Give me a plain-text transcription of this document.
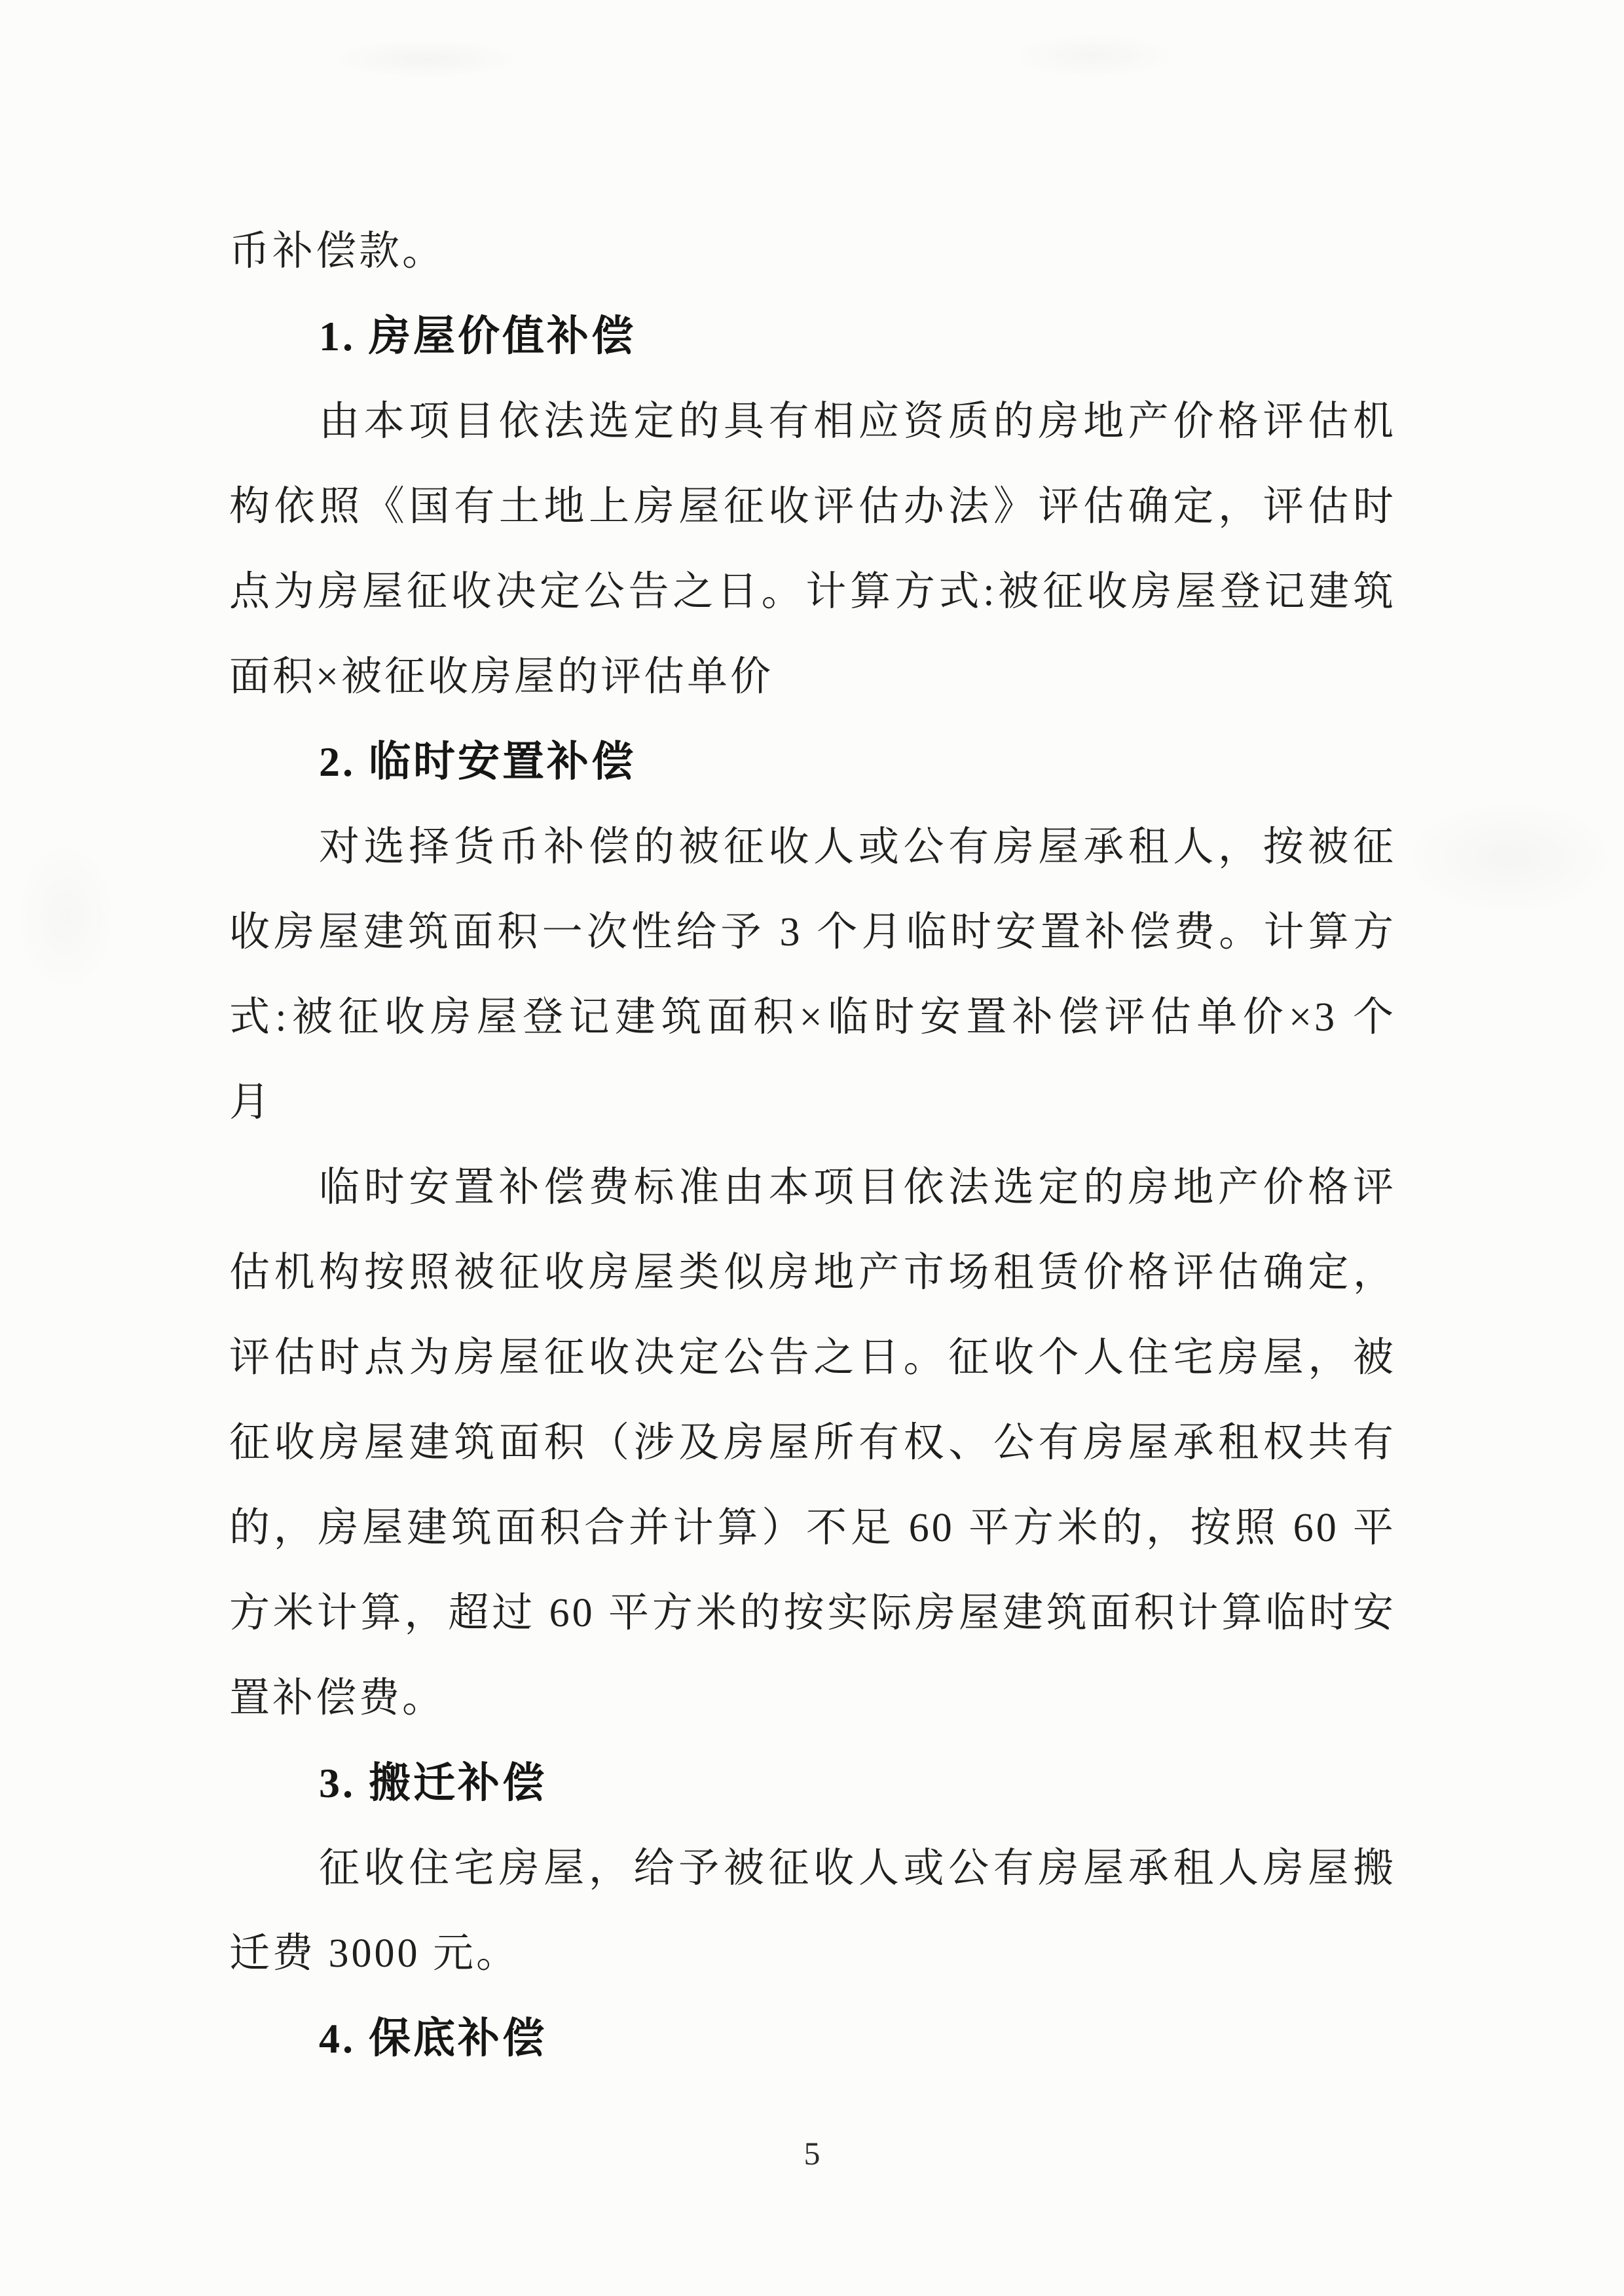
币补偿款。
1. 房屋价值补偿
由本项目依法选定的具有相应资质的房地产价格评估机
构依照《国有土地上房屋征收评估办法》评估确定，评估时
点为房屋征收决定公告之日。计算方式:被征收房屋登记建筑
面积×被征收房屋的评估单价
2. 临时安置补偿
对选择货币补偿的被征收人或公有房屋承租人，按被征
收房屋建筑面积一次性给予 3 个月临时安置补偿费。计算方
式:被征收房屋登记建筑面积×临时安置补偿评估单价×3 个
月
临时安置补偿费标准由本项目依法选定的房地产价格评
估机构按照被征收房屋类似房地产市场租赁价格评估确定，
评估时点为房屋征收决定公告之日。征收个人住宅房屋，被
征收房屋建筑面积（涉及房屋所有权、公有房屋承租权共有
的，房屋建筑面积合并计算）不足 60 平方米的，按照 60 平
方米计算，超过 60 平方米的按实际房屋建筑面积计算临时安
置补偿费。
3. 搬迁补偿
征收住宅房屋，给予被征收人或公有房屋承租人房屋搬
迁费 3000 元。
4. 保底补偿
5
